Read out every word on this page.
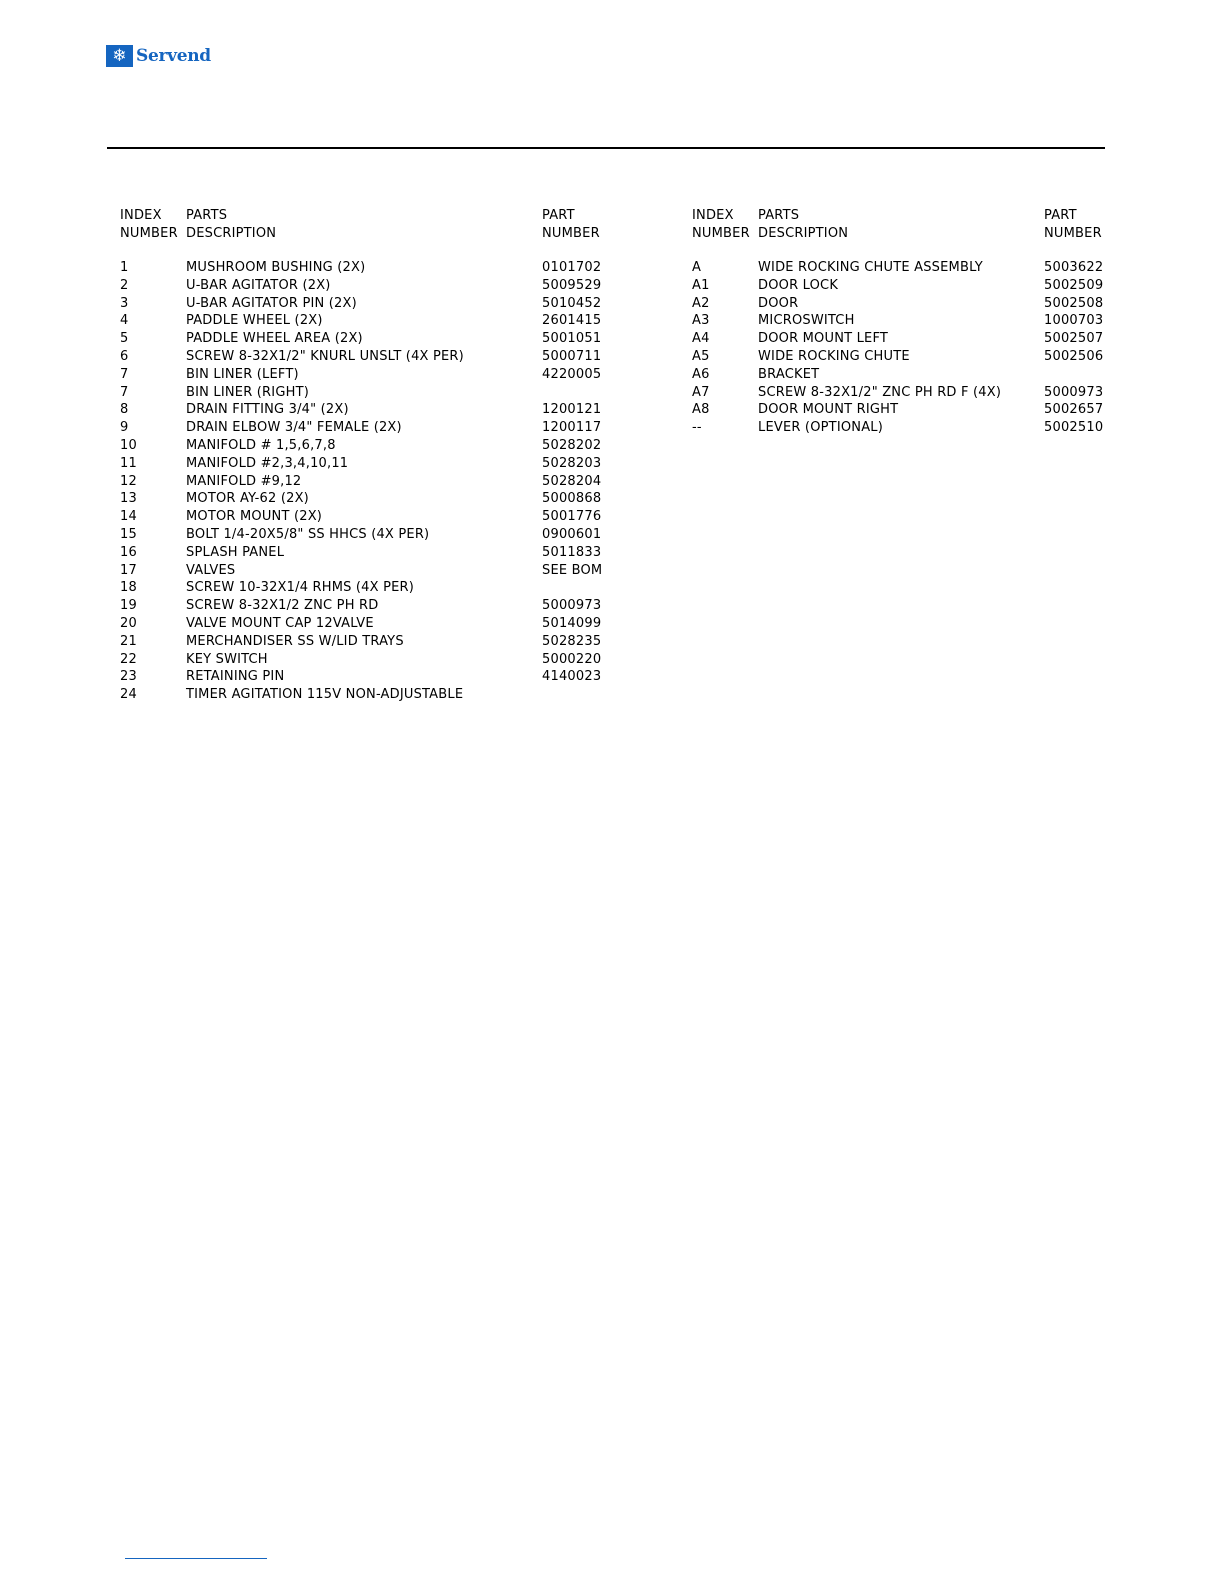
❄ Servend
INDEX
NUMBER
PARTS
DESCRIPTION
PART
NUMBER
1	MUSHROOM BUSHING (2X)	0101702
2	U-BAR AGITATOR (2X)	5009529
3	U-BAR AGITATOR PIN (2X)	5010452
4	PADDLE WHEEL (2X)	2601415
5	PADDLE WHEEL AREA (2X)	5001051
6	SCREW 8-32X1/2" KNURL UNSLT (4X PER)	5000711
7	BIN LINER (LEFT)	4220005
7	BIN LINER (RIGHT)
8	DRAIN FITTING 3/4" (2X)	1200121
9	DRAIN ELBOW 3/4" FEMALE (2X)	1200117
10	MANIFOLD # 1,5,6,7,8	5028202
11	MANIFOLD #2,3,4,10,11	5028203
12	MANIFOLD #9,12	5028204
13	MOTOR AY-62 (2X)	5000868
14	MOTOR MOUNT (2X)	5001776
15	BOLT 1/4-20X5/8" SS HHCS (4X PER)	0900601
16	SPLASH PANEL	5011833
17	VALVES	SEE BOM
18	SCREW 10-32X1/4 RHMS (4X PER)
19	SCREW 8-32X1/2 ZNC PH RD	5000973
20	VALVE MOUNT CAP 12VALVE	5014099
21	MERCHANDISER SS W/LID TRAYS	5028235
22	KEY SWITCH	5000220
23	RETAINING PIN	4140023
24	TIMER AGITATION 115V NON-ADJUSTABLE
INDEX
NUMBER
PARTS
DESCRIPTION
PART
NUMBER
A	WIDE ROCKING CHUTE ASSEMBLY	5003622
A1	DOOR LOCK	5002509
A2	DOOR	5002508
A3	MICROSWITCH	1000703
A4	DOOR MOUNT LEFT	5002507
A5	WIDE ROCKING CHUTE	5002506
A6	BRACKET
A7	SCREW 8-32X1/2" ZNC PH RD F (4X)	5000973
A8	DOOR MOUNT RIGHT	5002657
--	LEVER (OPTIONAL)	5002510
